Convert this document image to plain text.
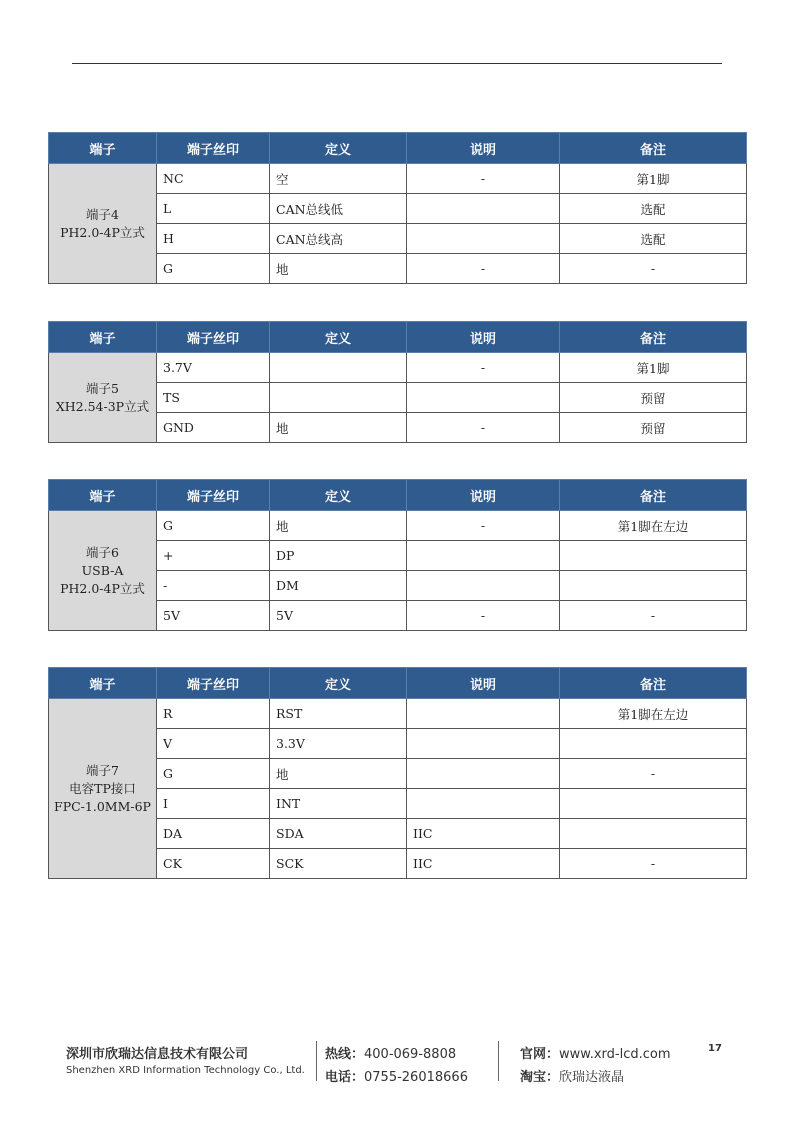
端子	端子丝印	定义	说明	备注

端子4
PH2.0-4P立式	NC	空	-	第1脚
	L	CAN总线低		选配
	H	CAN总线高		选配
	G	地	-	-
端子	端子丝印	定义	说明	备注

端子5
XH2.54-3P立式	3.7V		-	第1脚
	TS			预留
	GND	地	-	预留
端子	端子丝印	定义	说明	备注

端子6
USB-A
PH2.0-4P立式	G	地	-	第1脚在左边
	+	DP		
	-	DM		
	5V	5V	-	-
端子	端子丝印	定义	说明	备注

端子7
电容TP接口
FPC-1.0MM-6P	R	RST		第1脚在左边
	V	3.3V		
	G	地		-
	I	INT		
	DA	SDA	IIC	
	CK	SCK	IIC	-
深圳市欣瑞达信息技术有限公司
Shenzhen XRD Information Technology Co., Ltd.
热线：400-069-8808
电话：0755-26018666
官网：www.xrd-lcd.com
淘宝：欣瑞达液晶
17
